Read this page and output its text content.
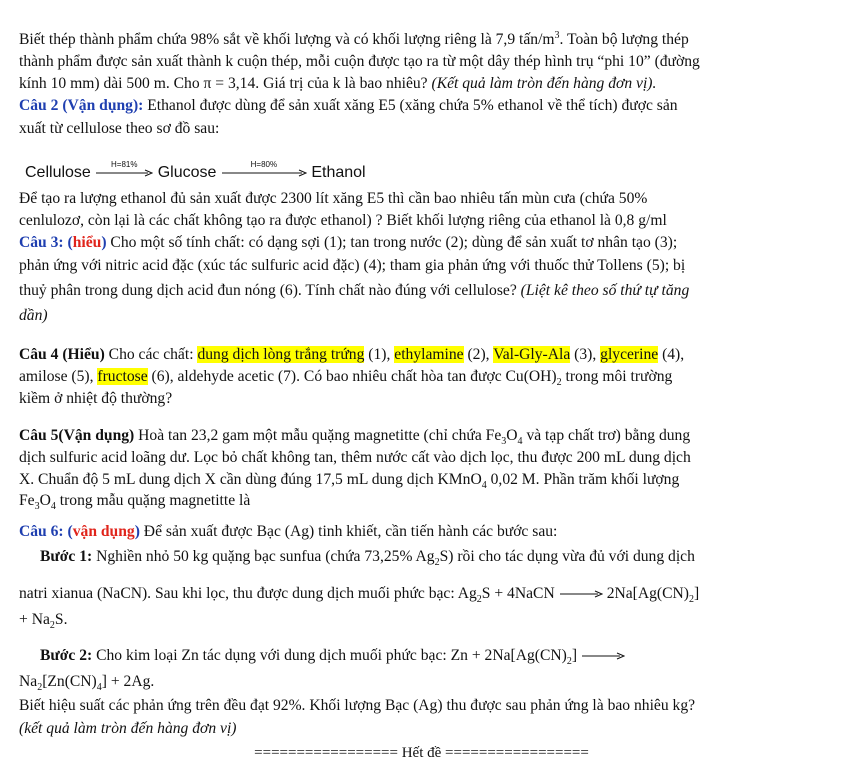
Biết thép thành phẩm chứa 98% sắt về khối lượng và có khối lượng riêng là 7,9 tấn/$m^3$. Toàn bộ lượng thép
thành phẩm được sản xuất thành k cuộn thép, mỗi cuộn được tạo ra từ một dây thép hình trụ “phi 10” (đường
kính 10 mm) dài 500 m. Cho π = 3,14. Giá trị của k là bao nhiêu? (Kết quả làm tròn đến hàng đơn vị).
Câu 2 (Vận dụng): Ethanol được dùng để sản xuất xăng E5 (xăng chứa 5% ethanol về thể tích) được sản
xuất từ cellulose theo sơ đồ sau:
Cellulose	H=81%	Glucose	H=80%	Ethanol
Để tạo ra lượng ethanol đủ sản xuất được 2300 lít xăng E5 thì cần bao nhiêu tấn mùn cưa (chứa 50%
cenlulozơ, còn lại là các chất không tạo ra được ethanol) ? Biết khối lượng riêng của ethanol là 0,8 g/ml
Câu 3: (hiểu) Cho một số tính chất: có dạng sợi (1); tan trong nước (2); dùng để sản xuất tơ nhân tạo (3);
phản ứng với nitric acid đặc (xúc tác sulfuric acid đặc) (4); tham gia phản ứng với thuốc thử Tollens (5); bị
thuỷ phân trong dung dịch acid đun nóng (6). Tính chất nào đúng với cellulose? (Liệt kê theo số thứ tự tăng
dần)
Câu 4 (Hiểu) Cho các chất: dung dịch lòng trắng trứng (1), ethylamine (2), Val-Gly-Ala (3), glycerine (4),
amilose (5), fructose (6), aldehyde acetic (7). Có bao nhiêu chất hòa tan được $Cu(OH)_2$ trong môi trường
kiềm ở nhiệt độ thường?
Câu 5(Vận dụng) Hoà tan 23,2 gam một mẫu quặng magnetitte (chỉ chứa $Fe_3O_4$ và tạp chất trơ) bằng dung
dịch sulfuric acid loãng dư. Lọc bỏ chất không tan, thêm nước cất vào dịch lọc, thu được 200 mL dung dịch
X. Chuẩn độ 5 mL dung dịch X cần dùng đúng 17,5 mL dung dịch KMnO$_4$ 0,02 M. Phần trăm khối lượng
$Fe_3O_4$ trong mẫu quặng magnetitte là
Câu 6: (vận dụng) Để sản xuất được Bạc (Ag) tinh khiết, cần tiến hành các bước sau:
Bước 1: Nghiền nhỏ 50 kg quặng bạc sunfua (chứa 73,25% $Ag_2S$) rồi cho tác dụng vừa đủ với dung dịch
natri xianua (NaCN). Sau khi lọc, thu được dung dịch muối phức bạc: $Ag_2S$ + 4NaCN → $2Na[Ag(CN)_2]$
+ $Na_2S$.
Bước 2: Cho kim loại Zn tác dụng với dung dịch muối phức bạc: $Zn + 2Na[Ag(CN)_2]$ →
$Na_2[Zn(CN)_4] + 2Ag$.
Biết hiệu suất các phản ứng trên đều đạt 92%. Khối lượng Bạc (Ag) thu được sau phản ứng là bao nhiêu kg?
(kết quả làm tròn đến hàng đơn vị)
================= Hết đề =================
